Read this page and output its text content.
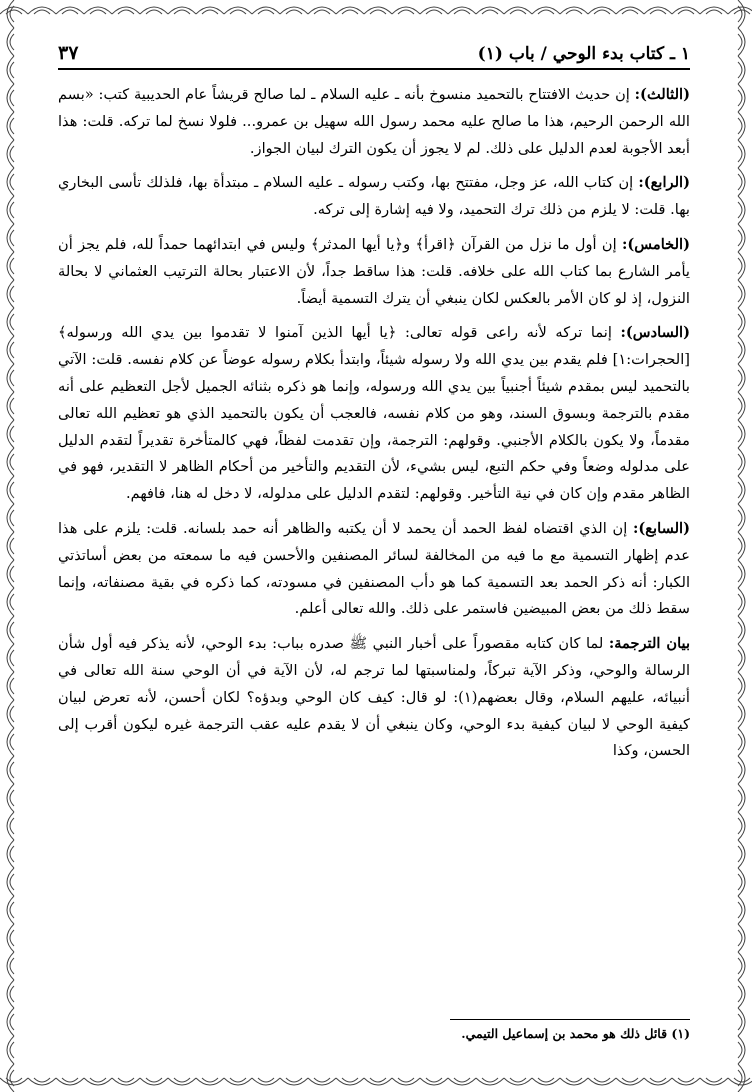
١ ـ كتاب بدء الوحي / باب (١)
٣٧

(الثالث): إن حديث الافتتاح بالتحميد منسوخ بأنه ـ عليه السلام ـ لما صالح قريشاً عام الحديبية كتب: «بسم الله الرحمن الرحيم، هذا ما صالح عليه محمد رسول الله سهيل بن عمرو... فلولا نسخ لما تركه. قلت: هذا أبعد الأجوبة لعدم الدليل على ذلك. لم لا يجوز أن يكون الترك لبيان الجواز.

(الرابع): إن كتاب الله، عز وجل، مفتتح بها، وكتب رسوله ـ عليه السلام ـ مبتدأة بها، فلذلك تأسى البخاري بها. قلت: لا يلزم من ذلك ترك التحميد، ولا فيه إشارة إلى تركه.

(الخامس): إن أول ما نزل من القرآن ﴿اقرأ﴾ و﴿يا أيها المدثر﴾ وليس في ابتدائهما حمداً لله، فلم يجز أن يأمر الشارع بما كتاب الله على خلافه. قلت: هذا ساقط جداً، لأن الاعتبار بحالة الترتيب العثماني لا بحالة النزول، إذ لو كان الأمر بالعكس لكان ينبغي أن يترك التسمية أيضاً.

(السادس): إنما تركه لأنه راعى قوله تعالى: ﴿يا أيها الذين آمنوا لا تقدموا بين يدي الله ورسوله﴾[الحجرات:١] فلم يقدم بين يدي الله ولا رسوله شيئاً، وابتدأ بكلام رسوله عوضاً عن كلام نفسه. قلت: الآتي بالتحميد ليس بمقدم شيئاً أجنبياً بين يدي الله ورسوله، وإنما هو ذكره بثنائه الجميل لأجل التعظيم على أنه مقدم بالترجمة وبسوق السند، وهو من كلام نفسه، فالعجب أن يكون بالتحميد الذي هو تعظيم الله تعالى مقدماً، ولا يكون بالكلام الأجنبي. وقولهم: الترجمة، وإن تقدمت لفظاً، فهي كالمتأخرة تقديراً لتقدم الدليل على مدلوله وضعاً وفي حكم التبع، ليس بشيء، لأن التقديم والتأخير من أحكام الظاهر لا التقدير، فهو في الظاهر مقدم وإن كان في نية التأخير. وقولهم: لتقدم الدليل على مدلوله، لا دخل له هنا، فافهم.

(السابع): إن الذي اقتضاه لفظ الحمد أن يحمد لا أن يكتبه والظاهر أنه حمد بلسانه. قلت: يلزم على هذا عدم إظهار التسمية مع ما فيه من المخالفة لسائر المصنفين والأحسن فيه ما سمعته من بعض أساتذتي الكبار: أنه ذكر الحمد بعد التسمية كما هو دأب المصنفين في مسودته، كما ذكره في بقية مصنفاته، وإنما سقط ذلك من بعض المبيضين فاستمر على ذلك. والله تعالى أعلم.

بيان الترجمة: لما كان كتابه مقصوراً على أخبار النبي ﷺ صدره بباب: بدء الوحي، لأنه يذكر فيه أول شأن الرسالة والوحي، وذكر الآية تبركاً، ولمناسبتها لما ترجم له، لأن الآية في أن الوحي سنة الله تعالى في أنبيائه، عليهم السلام، وقال بعضهم(١): لو قال: كيف كان الوحي وبدؤه؟ لكان أحسن، لأنه تعرض لبيان كيفية الوحي لا لبيان كيفية بدء الوحي، وكان ينبغي أن لا يقدم عليه عقب الترجمة غيره ليكون أقرب إلى الحسن، وكذا

(١) قائل ذلك هو محمد بن إسماعيل التيمي.
